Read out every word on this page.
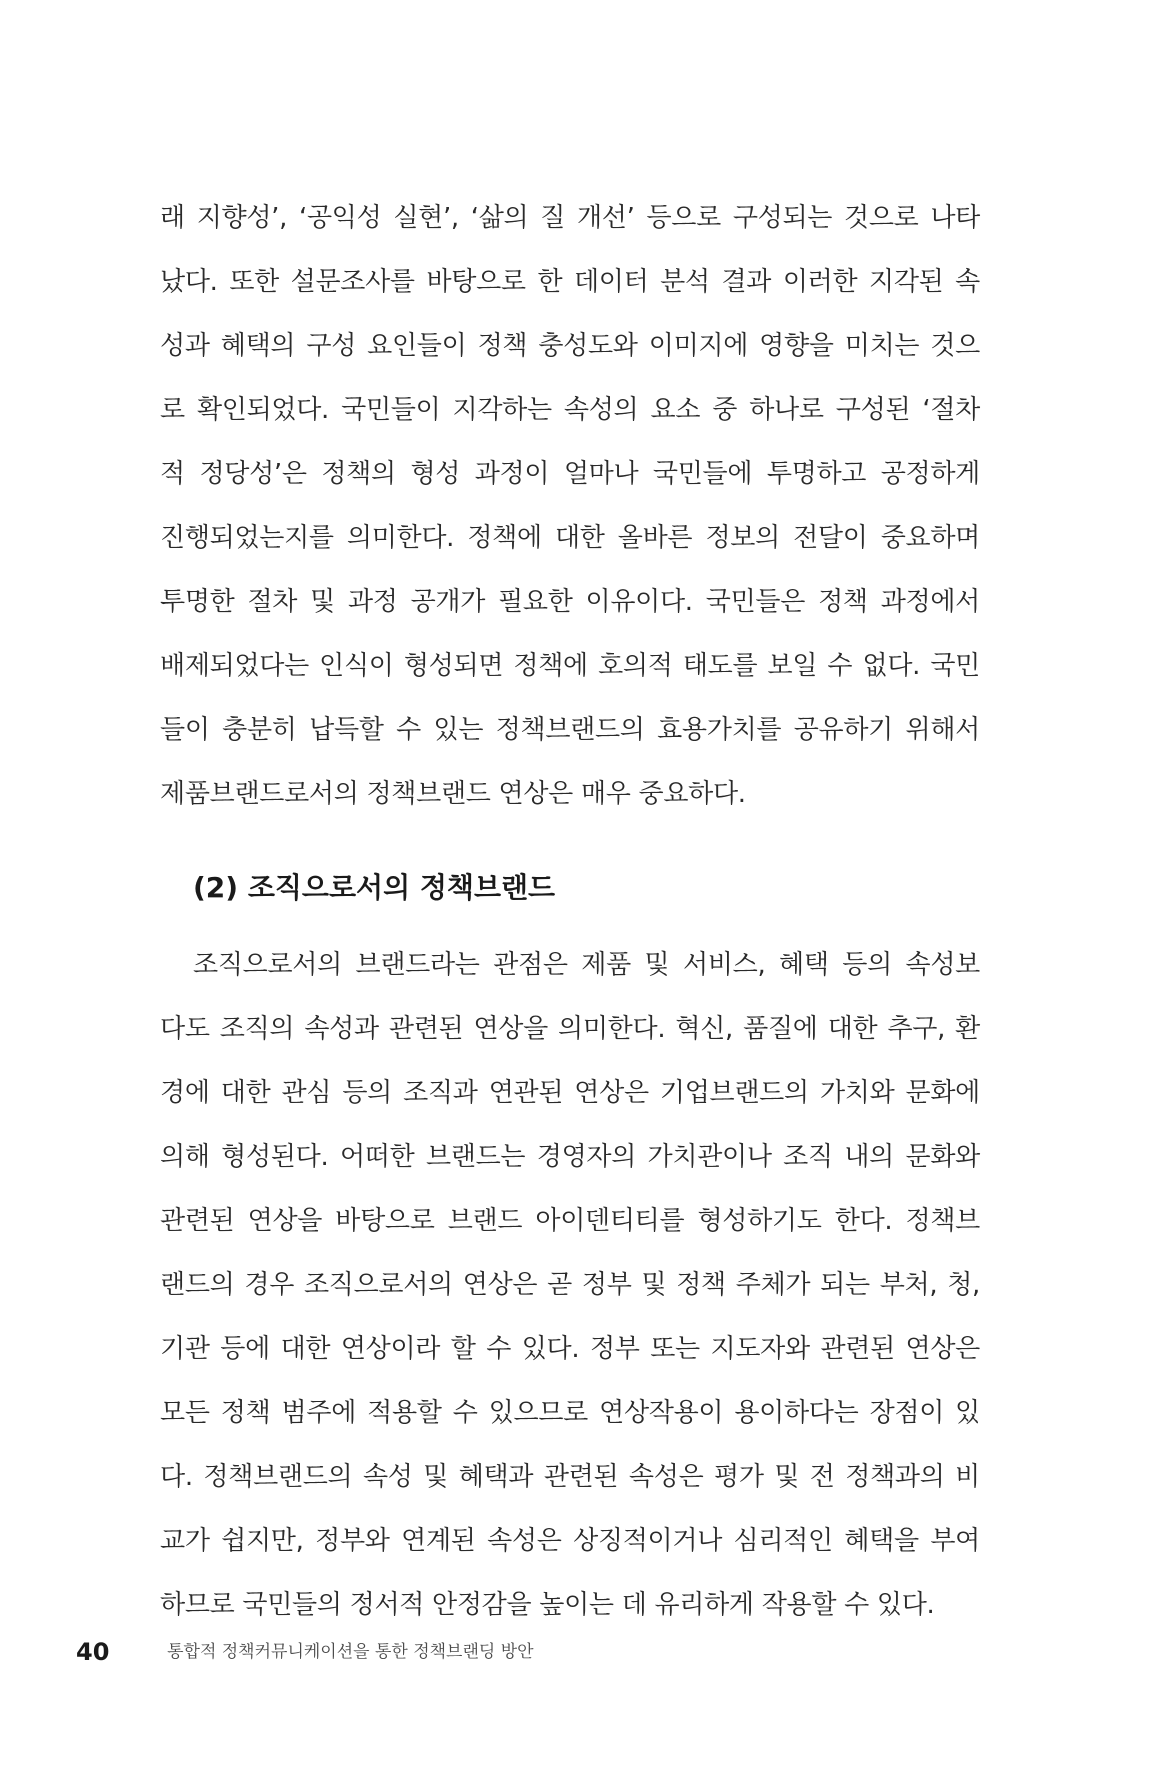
래 지향성’, ‘공익성 실현’, ‘삶의 질 개선’ 등으로 구성되는 것으로 나타
났다. 또한 설문조사를 바탕으로 한 데이터 분석 결과 이러한 지각된 속
성과 혜택의 구성 요인들이 정책 충성도와 이미지에 영향을 미치는 것으
로 확인되었다. 국민들이 지각하는 속성의 요소 중 하나로 구성된 ‘절차
적 정당성’은 정책의 형성 과정이 얼마나 국민들에 투명하고 공정하게
진행되었는지를 의미한다. 정책에 대한 올바른 정보의 전달이 중요하며
투명한 절차 및 과정 공개가 필요한 이유이다. 국민들은 정책 과정에서
배제되었다는 인식이 형성되면 정책에 호의적 태도를 보일 수 없다. 국민
들이 충분히 납득할 수 있는 정책브랜드의 효용가치를 공유하기 위해서
제품브랜드로서의 정책브랜드 연상은 매우 중요하다.
(2) 조직으로서의 정책브랜드
조직으로서의 브랜드라는 관점은 제품 및 서비스, 혜택 등의 속성보
다도 조직의 속성과 관련된 연상을 의미한다. 혁신, 품질에 대한 추구, 환
경에 대한 관심 등의 조직과 연관된 연상은 기업브랜드의 가치와 문화에
의해 형성된다. 어떠한 브랜드는 경영자의 가치관이나 조직 내의 문화와
관련된 연상을 바탕으로 브랜드 아이덴티티를 형성하기도 한다. 정책브
랜드의 경우 조직으로서의 연상은 곧 정부 및 정책 주체가 되는 부처, 청,
기관 등에 대한 연상이라 할 수 있다. 정부 또는 지도자와 관련된 연상은
모든 정책 범주에 적용할 수 있으므로 연상작용이 용이하다는 장점이 있
다. 정책브랜드의 속성 및 혜택과 관련된 속성은 평가 및 전 정책과의 비
교가 쉽지만, 정부와 연계된 속성은 상징적이거나 심리적인 혜택을 부여
하므로 국민들의 정서적 안정감을 높이는 데 유리하게 작용할 수 있다.
40	통합적 정책커뮤니케이션을 통한 정책브랜딩 방안
